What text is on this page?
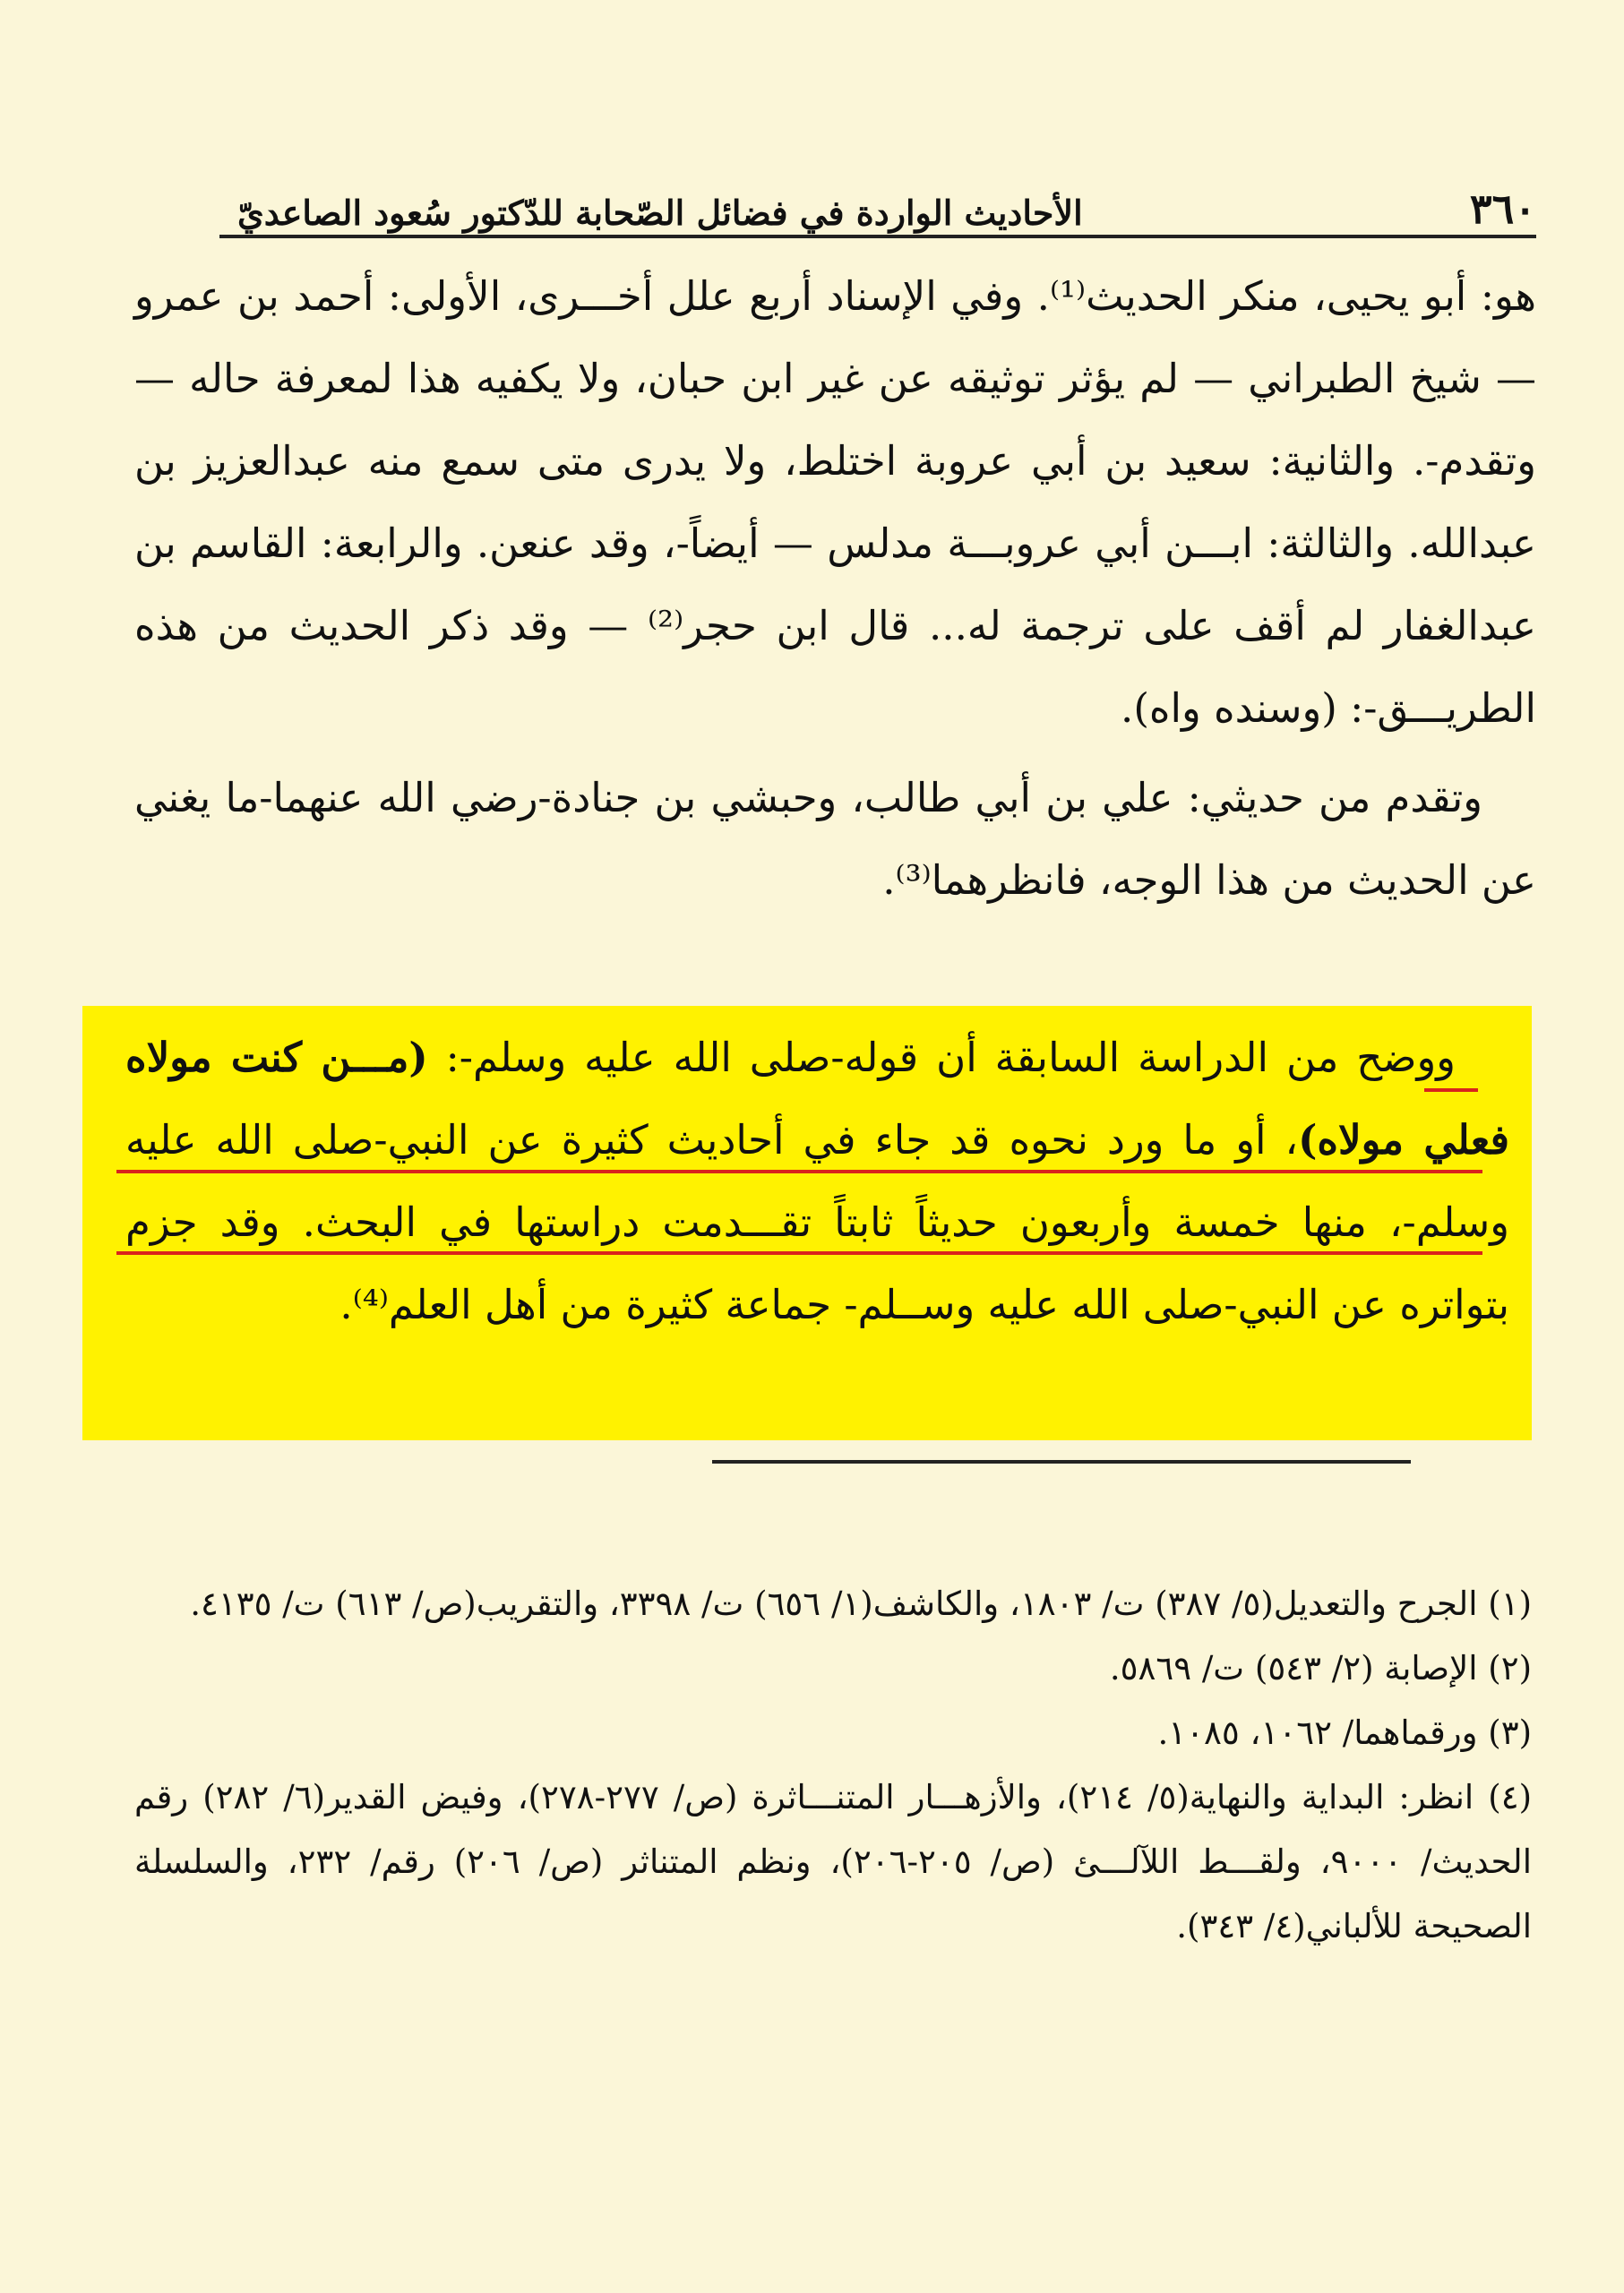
٣٦٠
الأحاديث الواردة في فضائل الصّحابة للدّكتور سُعود الصاعديّ

هو: أبو يحيى، منكر الحديث⁽¹⁾. وفي الإسناد أربع علل أخـــرى، الأولى: أحمد بن عمرو — شيخ الطبراني — لم يؤثر توثيقه عن غير ابن حبان، ولا يكفيه هذا لمعرفة حاله — وتقدم-. والثانية: سعيد بن أبي عروبة اختلط، ولا يدرى متى سمع منه عبدالعزيز بن عبدالله. والثالثة: ابـــن أبي عروبـــة مدلس — أيضاً-، وقد عنعن. والرابعة: القاسم بن عبدالغفار لم أقف على ترجمة له... قال ابن حجر⁽²⁾ — وقد ذكر الحديث من هذه الطريـــق-: (وسنده واه).

وتقدم من حديثي: علي بن أبي طالب، وحبشي بن جنادة-رضي الله عنهما-ما يغني عن الحديث من هذا الوجه، فانظرهما⁽³⁾.

ووضح من الدراسة السابقة أن قوله-صلى الله عليه وسلم-: (مـــن كنت مولاه فعلي مولاه)، أو ما ورد نحوه قد جاء في أحاديث كثيرة عن النبي-صلى الله عليه وسلم-، منها خمسة وأربعون حديثاً ثابتاً تقـــدمت دراستها في البحث. وقد جزم بتواتره عن النبي-صلى الله عليه وســلم- جماعة كثيرة من أهل العلم⁽⁴⁾.

(١) الجرح والتعديل(٥/ ٣٨٧) ت/ ١٨٠٣، والكاشف(١/ ٦٥٦) ت/ ٣٣٩٨، والتقريب(ص/ ٦١٣) ت/ ٤١٣٥.

(٢) الإصابة (٢/ ٥٤٣) ت/ ٥٨٦٩.

(٣) ورقماهما/ ١٠٦٢، ١٠٨٥.

(٤) انظر: البداية والنهاية(٥/ ٢١٤)، والأزهـــار المتنـــاثرة (ص/ ٢٧٧-٢٧٨)، وفيض القدير(٦/ ٢٨٢) رقم الحديث/ ٩٠٠٠، ولقـــط اللآلـــئ (ص/ ٢٠٥-٢٠٦)، ونظم المتناثر (ص/ ٢٠٦) رقم/ ٢٣٢، والسلسلة الصحيحة للألباني(٤/ ٣٤٣).
